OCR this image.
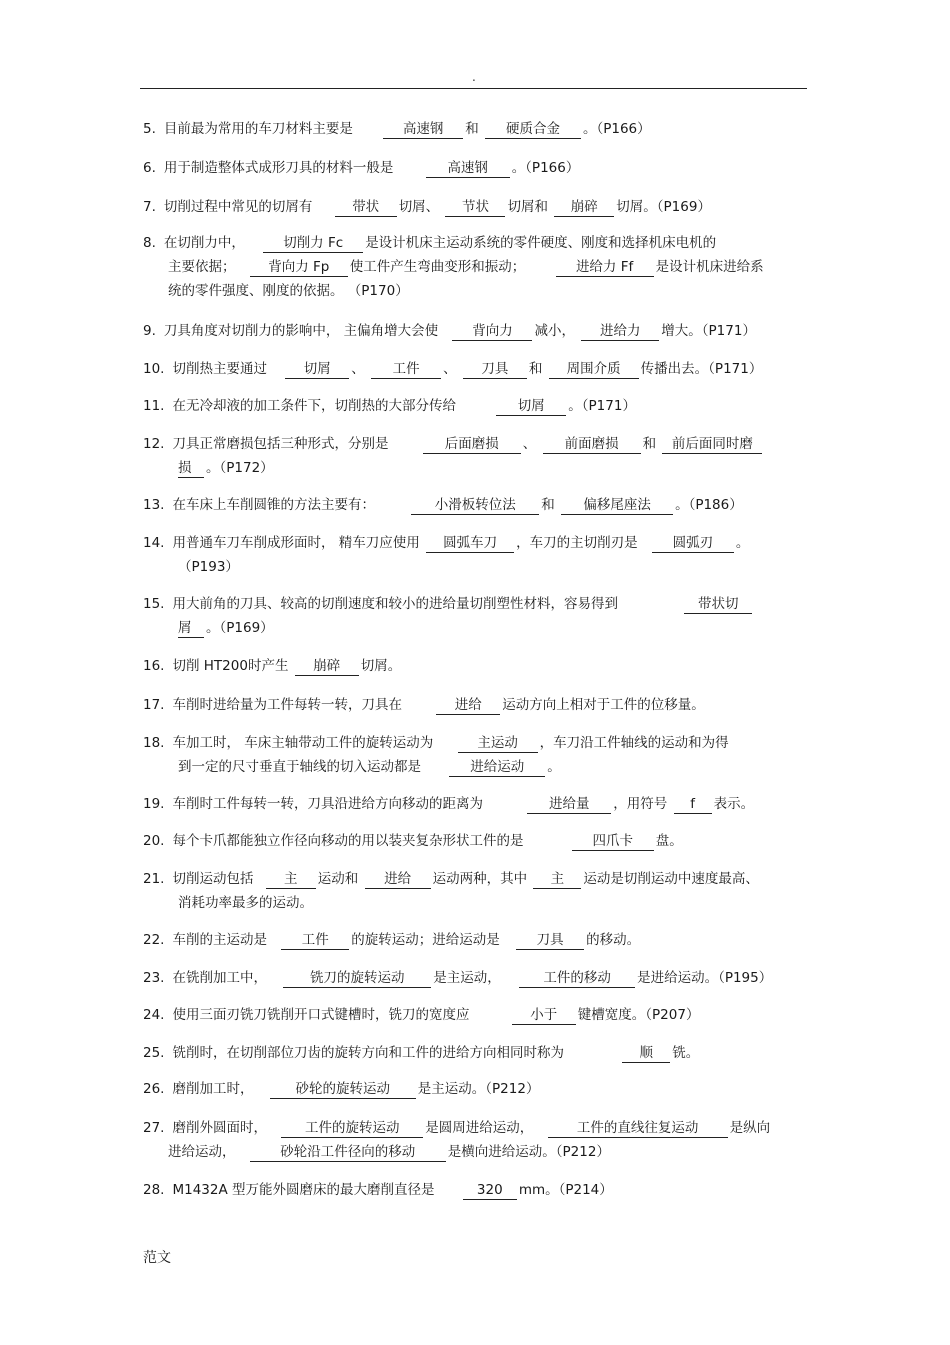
.
5. 目前最为常用的车刀材料主要是	高速钢 和 硬质合金 。（P166）
6. 用于制造整体式成形刀具的材料一般是	高速钢 。（P166）
7. 切削过程中常见的切屑有	带状 切屑、 节状 切屑和 崩碎 切屑。（P169）
8. 在切削力中，	切削力 Fc 是设计机床主运动系统的零件硬度、刚度和选择机床电机的
主要依据； 背向力 Fp 使工件产生弯曲变形和振动；	进给力 Ff 是设计机床进给系
统的零件强度、刚度的依据。 （P170）
9. 刀具角度对切削力的影响中， 主偏角增大会使	背向力 减小， 进给力 增大。（P171）
10. 切削热主要通过	切屑 、 工件 、 刀具 和 周围介质 传播出去。（P171）
11. 在无冷却液的加工条件下，切削热的大部分传给	切屑 。（P171）
12. 刀具正常磨损包括三种形式，分别是	后面磨损 、 前面磨损 和 前后面同时磨
损 。（P172）
13. 在车床上车削圆锥的方法主要有：	小滑板转位法 和 偏移尾座法 。（P186）
14. 用普通车刀车削成形面时， 精车刀应使用 圆弧车刀 ，车刀的主切削刃是	圆弧刃 。
（P193）
15. 用大前角的刀具、较高的切削速度和较小的进给量切削塑性材料，容易得到	带状切
屑 。（P169）
16. 切削 HT200时产生 崩碎 切屑。
17. 车削时进给量为工件每转一转，刀具在	进给 运动方向上相对于工件的位移量。
18. 车加工时， 车床主轴带动工件的旋转运动为	主运动 ，车刀沿工件轴线的运动和为得
到一定的尺寸垂直于轴线的切入运动都是	进给运动 。
19. 车削时工件每转一转，刀具沿进给方向移动的距离为	进给量 ，用符号 f 表示。
20. 每个卡爪都能独立作径向移动的用以装夹复杂形状工件的是	四爪卡 盘。
21. 切削运动包括 主 运动和 进给 运动两种，其中 主 运动是切削运动中速度最高、
消耗功率最多的运动。
22. 车削的主运动是	工件 的旋转运动；进给运动是	刀具 的移动。
23. 在铣削加工中，	铣刀的旋转运动 是主运动，	工件的移动 是进给运动。（P195）
24. 使用三面刃铣刀铣削开口式键槽时，铣刀的宽度应	小于 键槽宽度。（P207）
25. 铣削时，在切削部位刀齿的旋转方向和工件的进给方向相同时称为	顺 铣。
26. 磨削加工时，	砂轮的旋转运动 是主运动。（P212）
27. 磨削外圆面时，	工件的旋转运动 是圆周进给运动，	工件的直线往复运动 是纵向
进给运动，	砂轮沿工件径向的移动 是横向进给运动。（P212）
28. M1432A 型万能外圆磨床的最大磨削直径是	320 mm。（P214）
范文
